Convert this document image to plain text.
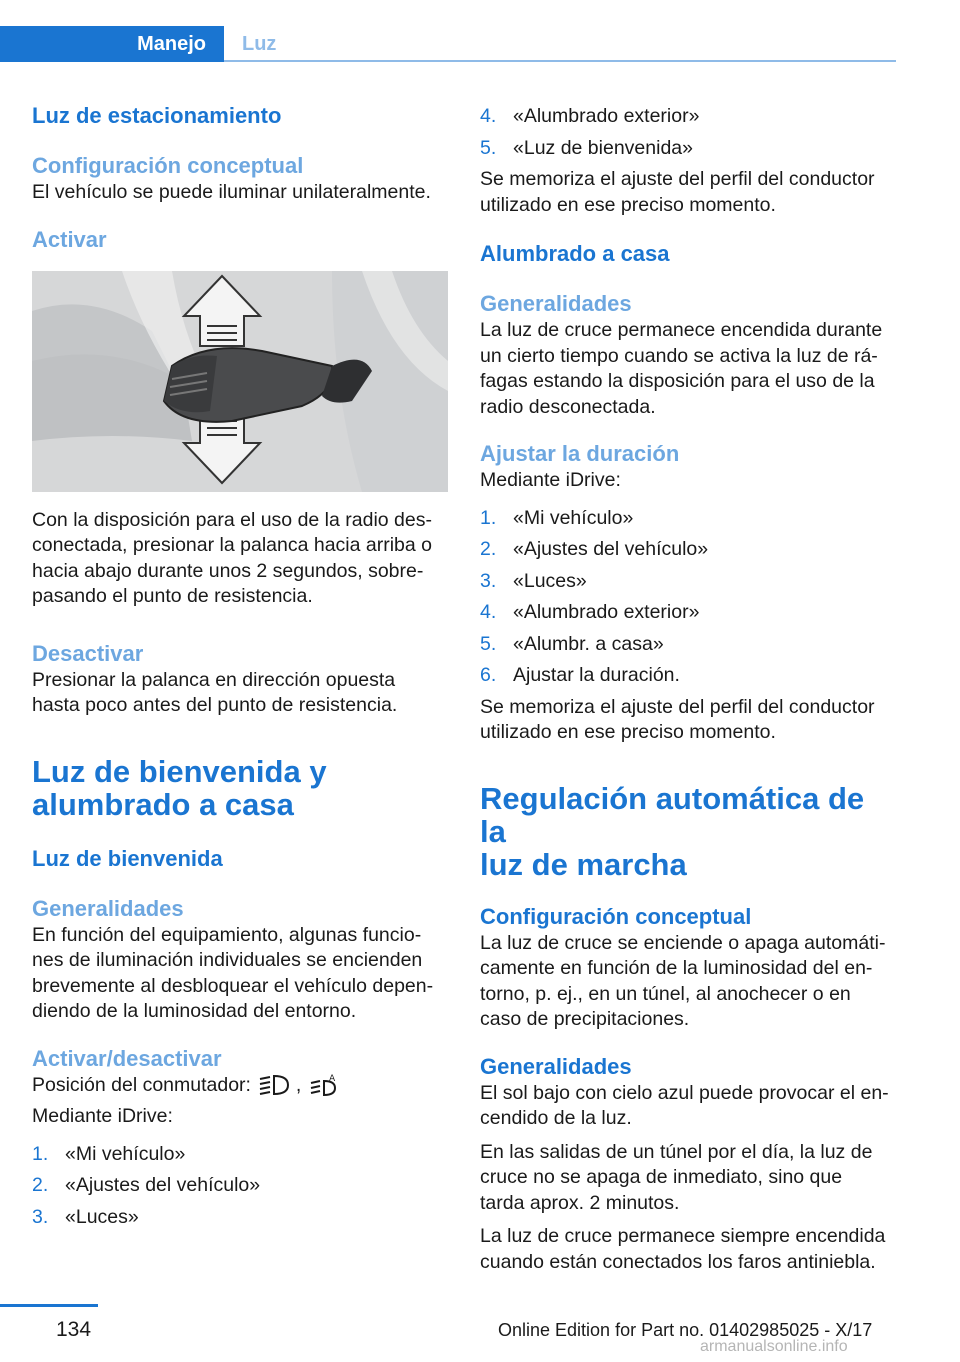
Manejo	Luz
Luz de estacionamiento
Configuración conceptual
El vehículo se puede iluminar unilateralmente.
Activar
Con la disposición para el uso de la radio des-
conectada, presionar la palanca hacia arriba o
hacia abajo durante unos 2 segundos, sobre-
pasando el punto de resistencia.
Desactivar
Presionar la palanca en dirección opuesta
hasta poco antes del punto de resistencia.
Luz de bienvenida y
alumbrado a casa
Luz de bienvenida
Generalidades
En función del equipamiento, algunas funcio-
nes de iluminación individuales se encienden
brevemente al desbloquear el vehículo depen-
diendo de la luminosidad del entorno.
Activar/desactivar
Posición del conmutador: ,	A
Mediante iDrive:
1. «Mi vehículo»
2. «Ajustes del vehículo»
3. «Luces»
4. «Alumbrado exterior»
5. «Luz de bienvenida»
Se memoriza el ajuste del perfil del conductor
utilizado en ese preciso momento.
Alumbrado a casa
Generalidades
La luz de cruce permanece encendida durante
un cierto tiempo cuando se activa la luz de rá-
fagas estando la disposición para el uso de la
radio desconectada.
Ajustar la duración
Mediante iDrive:
1. «Mi vehículo»
2. «Ajustes del vehículo»
3. «Luces»
4. «Alumbrado exterior»
5. «Alumbr. a casa»
6. Ajustar la duración.
Se memoriza el ajuste del perfil del conductor
utilizado en ese preciso momento.
Regulación automática de la
luz de marcha
Configuración conceptual
La luz de cruce se enciende o apaga automáti-
camente en función de la luminosidad del en-
torno, p. ej., en un túnel, al anochecer o en
caso de precipitaciones.
Generalidades
El sol bajo con cielo azul puede provocar el en-
cendido de la luz.
En las salidas de un túnel por el día, la luz de
cruce no se apaga de inmediato, sino que
tarda aprox. 2 minutos.
La luz de cruce permanece siempre encendida
cuando están conectados los faros antiniebla.
134	Online Edition for Part no. 01402985025 - X/17
armanualsonline.info
